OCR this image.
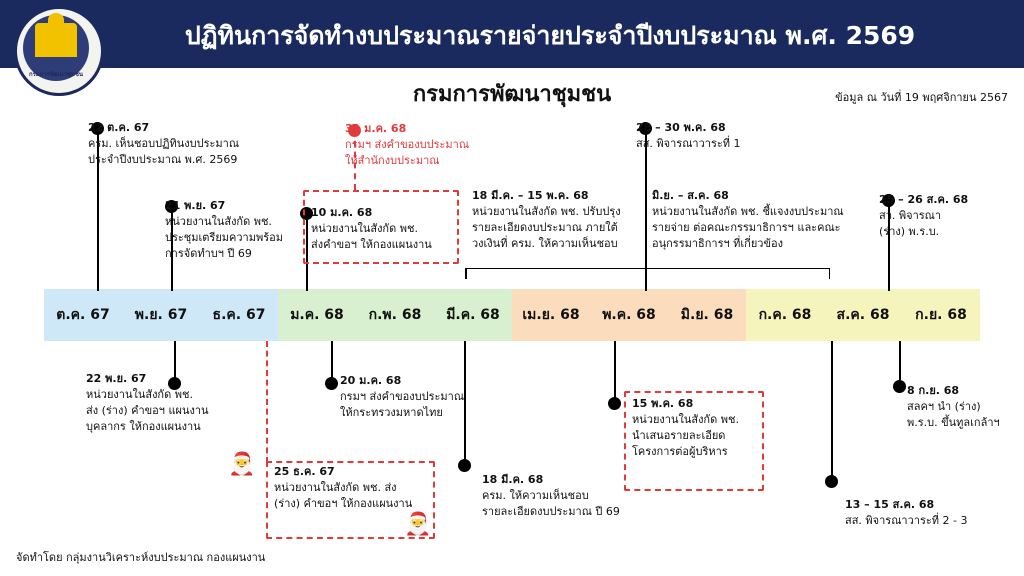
กรมการพัฒนาชุมชน
ปฏิทินการจัดทำงบประมาณรายจ่ายประจำปีงบประมาณ พ.ศ. 2569
กรมการพัฒนาชุมชน	ข้อมูล ณ วันที่ 19 พฤศจิกายน 2567
จัดทำโดย กลุ่มงานวิเคราะห์งบประมาณ กองแผนงาน
ต.ค. 67	พ.ย. 67	ธ.ค. 67	ม.ค. 68	ก.พ. 68	มี.ค. 68	เม.ย. 68	พ.ค. 68	มิ.ย. 68	ก.ค. 68	ส.ค. 68	ก.ย. 68
22 ต.ค. 67
ครม. เห็นชอบปฏิทินงบประมาณ
ประจำปีงบประมาณ พ.ศ. 2569
21 พ.ย. 67
หน่วยงานในสังกัด พช.
ประชุมเตรียมความพร้อม
การจัดทำบฯ ปี 69
10 ม.ค. 68
หน่วยงานในสังกัด พช.
ส่งคำขอฯ ให้กองแผนงาน
31 ม.ค. 68
กรมฯ ส่งคำของบประมาณ
ให้สำนักงบประมาณ
18 มี.ค. – 15 พ.ค. 68
หน่วยงานในสังกัด พช. ปรับปรุง
รายละเอียดงบประมาณ ภายใต้
วงเงินที่ ครม. ให้ความเห็นชอบ
28 – 30 พ.ค. 68
สส. พิจารณาวาระที่ 1
มิ.ย. – ส.ค. 68
หน่วยงานในสังกัด พช. ชี้แจงงบประมาณ
รายจ่าย ต่อคณะกรรมาธิการฯ และคณะ
อนุกรรมาธิการฯ ที่เกี่ยวข้อง
25 – 26 ส.ค. 68
สว. พิจารณา
(ร่าง) พ.ร.บ.
22 พ.ย. 67
หน่วยงานในสังกัด พช.
ส่ง (ร่าง) คำขอฯ แผนงาน
บุคลากร ให้กองแผนงาน
25 ธ.ค. 67
หน่วยงานในสังกัด พช. ส่ง
(ร่าง) คำขอฯ ให้กองแผนงาน
20 ม.ค. 68
กรมฯ ส่งคำของบประมาณ
ให้กระทรวงมหาดไทย
18 มี.ค. 68
ครม. ให้ความเห็นชอบ
รายละเอียดงบประมาณ ปี 69
15 พ.ค. 68
หน่วยงานในสังกัด พช.
นำเสนอรายละเอียด
โครงการต่อผู้บริหาร
13 – 15 ส.ค. 68
สส. พิจารณาวาระที่ 2 - 3
8 ก.ย. 68
สลคฯ นำ (ร่าง)
พ.ร.บ. ขึ้นทูลเกล้าฯ
🎅
🎅
